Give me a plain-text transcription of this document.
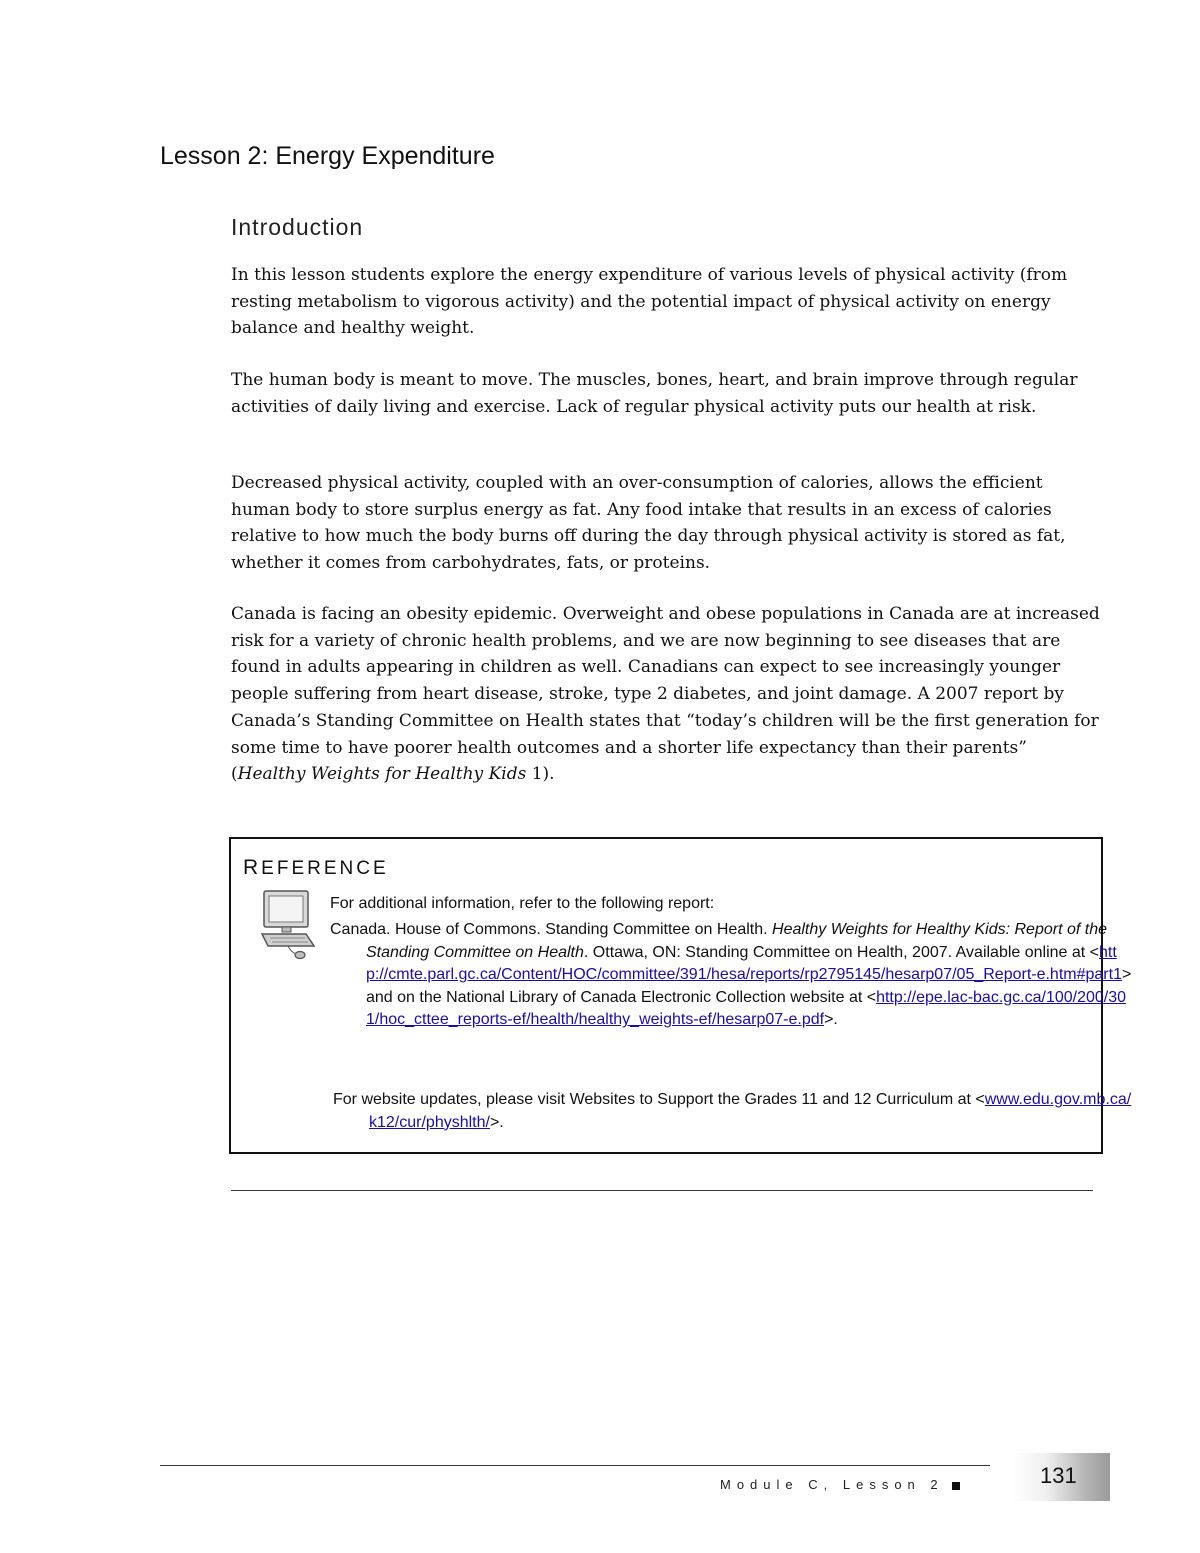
Lesson 2: Energy Expenditure
Introduction

In this lesson students explore the energy expenditure of various levels of physical activity (from resting metabolism to vigorous activity) and the potential impact of physical activity on energy balance and healthy weight.

The human body is meant to move. The muscles, bones, heart, and brain improve through regular activities of daily living and exercise. Lack of regular physical activity puts our health at risk.

Decreased physical activity, coupled with an over-consumption of calories, allows the efficient human body to store surplus energy as fat. Any food intake that results in an excess of calories relative to how much the body burns off during the day through physical activity is stored as fat, whether it comes from carbohydrates, fats, or proteins.

Canada is facing an obesity epidemic. Overweight and obese populations in Canada are at increased risk for a variety of chronic health problems, and we are now beginning to see diseases that are found in adults appearing in children as well. Canadians can expect to see increasingly younger people suffering from heart disease, stroke, type 2 diabetes, and joint damage. A 2007 report by Canada’s Standing Committee on Health states that “today’s children will be the first generation for some time to have poorer health outcomes and a shorter life expectancy than their parents” (Healthy Weights for Healthy Kids 1).

REFERENCE

For additional information, refer to the following report:

Canada. House of Commons. Standing Committee on Health. Healthy Weights for Healthy Kids: Report of the Standing Committee on Health. Ottawa, ON: Standing Committee on Health, 2007. Available online at <http://cmte.parl.gc.ca/Content/HOC/committee/391/hesa/reports/rp2795145/hesarp07/05_Report-e.htm#part1> and on the National Library of Canada Electronic Collection website at <http://epe.lac-bac.gc.ca/100/200/301/hoc_cttee_reports-ef/health/healthy_weights-ef/hesarp07-e.pdf>.

For website updates, please visit Websites to Support the Grades 11 and 12 Curriculum at <www.edu.gov.mb.ca/k12/cur/physhlth/>.

Module C, Lesson 2	131
